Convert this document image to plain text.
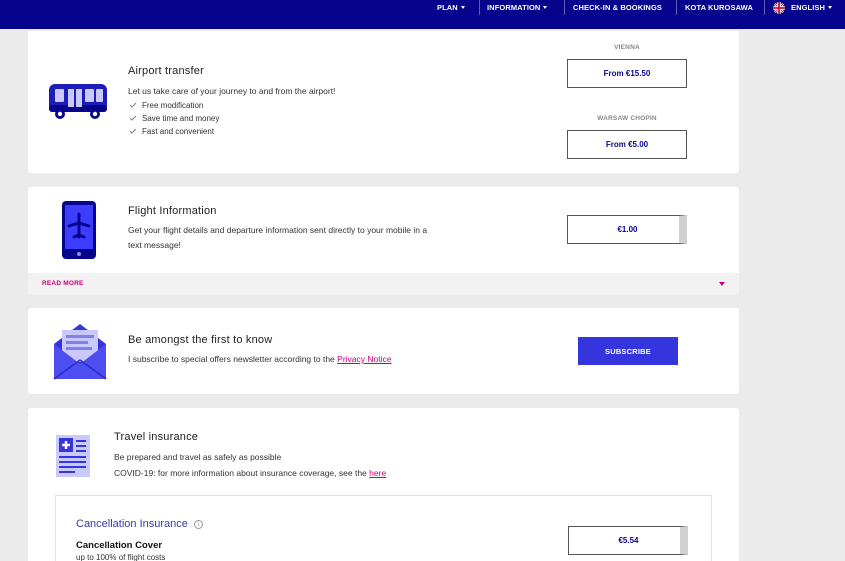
PLAN	INFORMATION	CHECK-IN & BOOKINGS	KOTA KUROSAWA	ENGLISH
Airport transfer
Let us take care of your journey to and from the airport!
Free modification
Save time and money
Fast and convenient
VIENNA
From €15.50
WARSAW CHOPIN
From €5.00
Flight Information
Get your flight details and departure information sent directly to your mobile in a
text message!
€1.00
READ MORE
Be amongst the first to know
I subscribe to special offers newsletter according to the Privacy Notice
SUBSCRIBE
Travel insurance
Be prepared and travel as safely as possible
COVID-19: for more information about insurance coverage, see the here
Cancellation Insurance	i
Cancellation Cover
up to 100% of flight costs
€5.54
